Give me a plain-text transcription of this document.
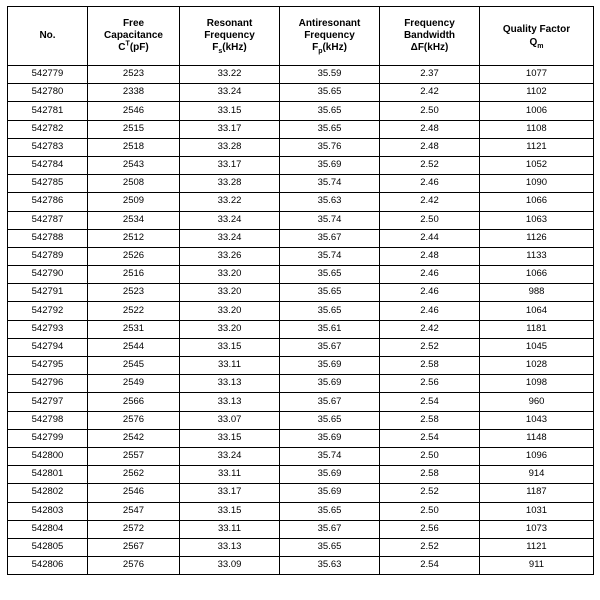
No.	Free
Capacitance
$C^T(pF)$	Resonant
Frequency
$F_s(kHz)$	Antiresonant
Frequency
$F_p(kHz)$	Frequency
Bandwidth
ΔF(kHz)	Quality Factor
$Q_m$

542779	2523	33.22	35.59	2.37	1077
542780	2338	33.24	35.65	2.42	1102
542781	2546	33.15	35.65	2.50	1006
542782	2515	33.17	35.65	2.48	1108
542783	2518	33.28	35.76	2.48	1121
542784	2543	33.17	35.69	2.52	1052
542785	2508	33.28	35.74	2.46	1090
542786	2509	33.22	35.63	2.42	1066
542787	2534	33.24	35.74	2.50	1063
542788	2512	33.24	35.67	2.44	1126
542789	2526	33.26	35.74	2.48	1133
542790	2516	33.20	35.65	2.46	1066
542791	2523	33.20	35.65	2.46	988
542792	2522	33.20	35.65	2.46	1064
542793	2531	33.20	35.61	2.42	1181
542794	2544	33.15	35.67	2.52	1045
542795	2545	33.11	35.69	2.58	1028
542796	2549	33.13	35.69	2.56	1098
542797	2566	33.13	35.67	2.54	960
542798	2576	33.07	35.65	2.58	1043
542799	2542	33.15	35.69	2.54	1148
542800	2557	33.24	35.74	2.50	1096
542801	2562	33.11	35.69	2.58	914
542802	2546	33.17	35.69	2.52	1187
542803	2547	33.15	35.65	2.50	1031
542804	2572	33.11	35.67	2.56	1073
542805	2567	33.13	35.65	2.52	1121
542806	2576	33.09	35.63	2.54	911
